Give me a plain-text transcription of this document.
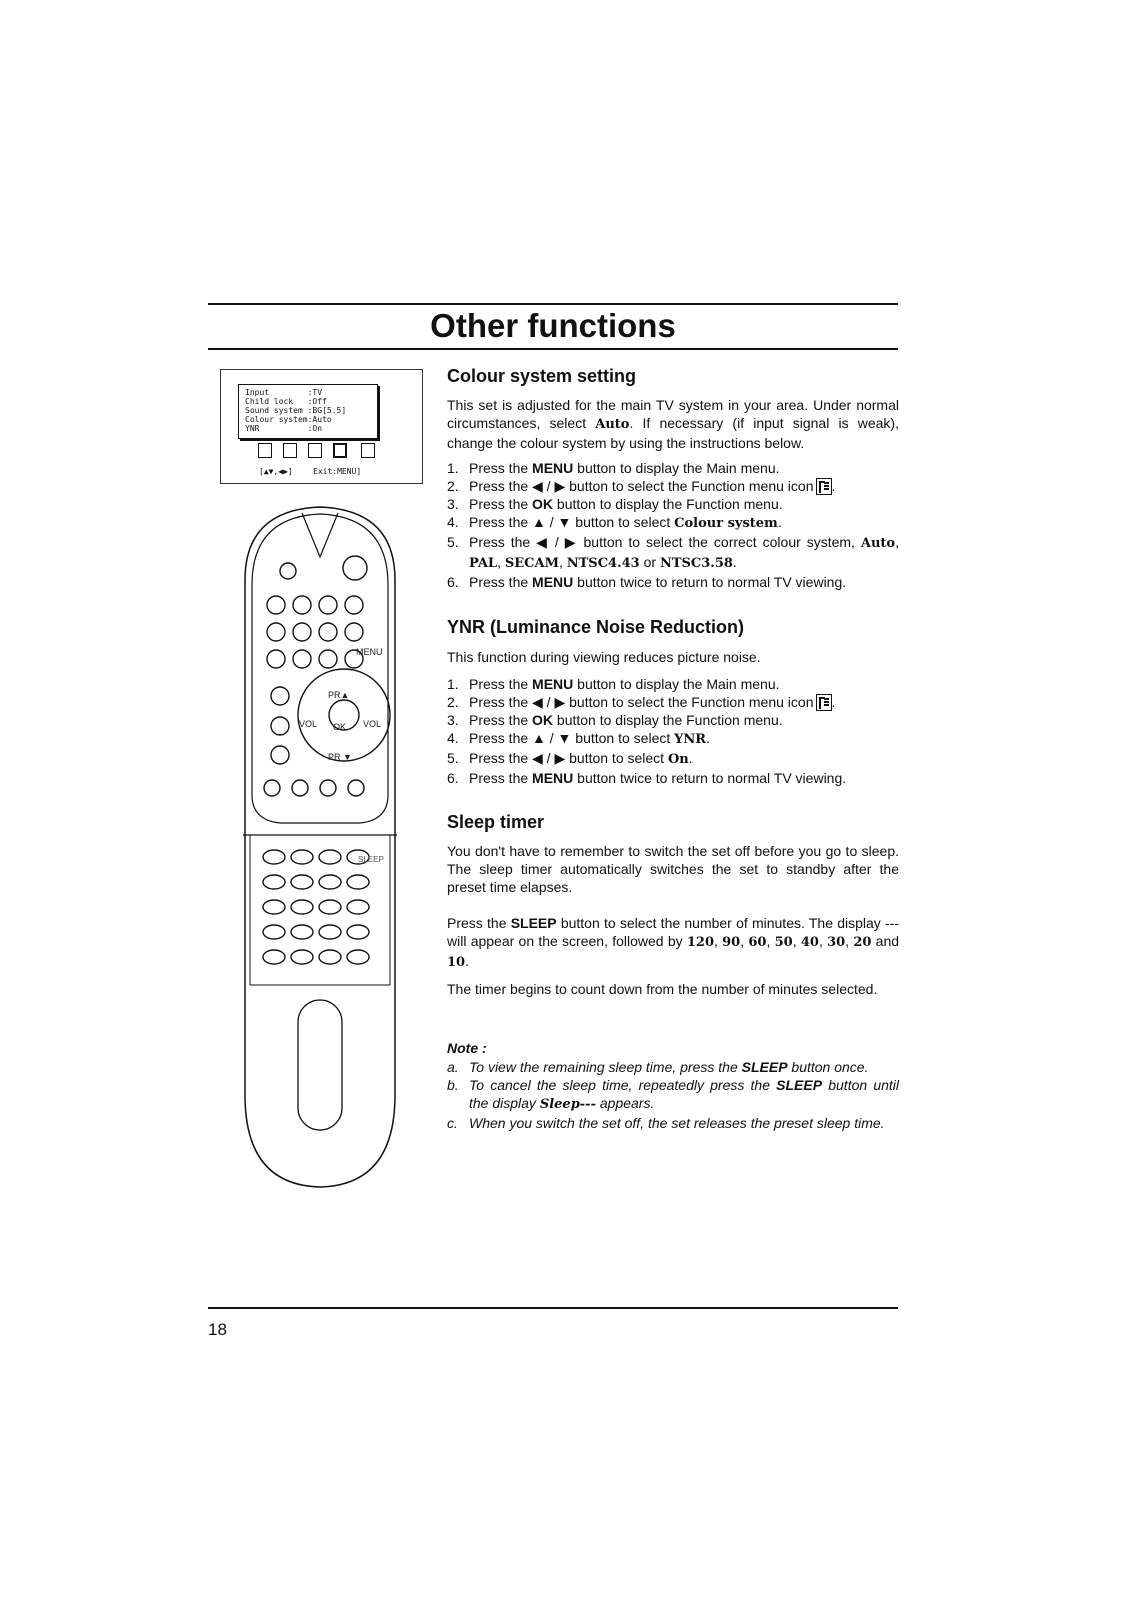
Other functions
Input        :TV
Child lock   :Off
Sound system :BG[5.5]
Colour system:Auto
YNR          :On
[▲▼,◀▶]	Exit:MENU]
MENU
PR▲
OK
VOL	VOL
PR ▼
SLEEP
Colour system setting
This set is adjusted for the main TV system in your area. Under normal circumstances, select Auto. If necessary (if input signal is weak), change the colour system by using the instructions below.
1. Press the MENU button to display the Main menu.
2. Press the ◀ / ▶ button to select the Function menu icon .
3. Press the OK button to display the Function menu.
4. Press the ▲ / ▼ button to select Colour system.
5. Press the ◀ / ▶ button to select the correct colour system, Auto, PAL, SECAM, NTSC4.43 or NTSC3.58.
6. Press the MENU button twice to return to normal TV viewing.
YNR (Luminance Noise Reduction)
This function during viewing reduces picture noise.
1. Press the MENU button to display the Main menu.
2. Press the ◀ / ▶ button to select the Function menu icon .
3. Press the OK button to display the Function menu.
4. Press the ▲ / ▼ button to select YNR.
5. Press the ◀ / ▶ button to select On.
6. Press the MENU button twice to return to normal TV viewing.
Sleep timer
You don't have to remember to switch the set off before you go to sleep. The sleep timer automatically switches the set to standby after the preset time elapses.
Press the SLEEP button to select the number of minutes. The display --- will appear on the screen, followed by 120, 90, 60, 50, 40, 30, 20 and 10.
The timer begins to count down from the number of minutes selected.
Note :
a. To view the remaining sleep time, press the SLEEP button once.
b. To cancel the sleep time, repeatedly press the SLEEP button until the display Sleep--- appears.
c. When you switch the set off, the set releases the preset sleep time.
18
